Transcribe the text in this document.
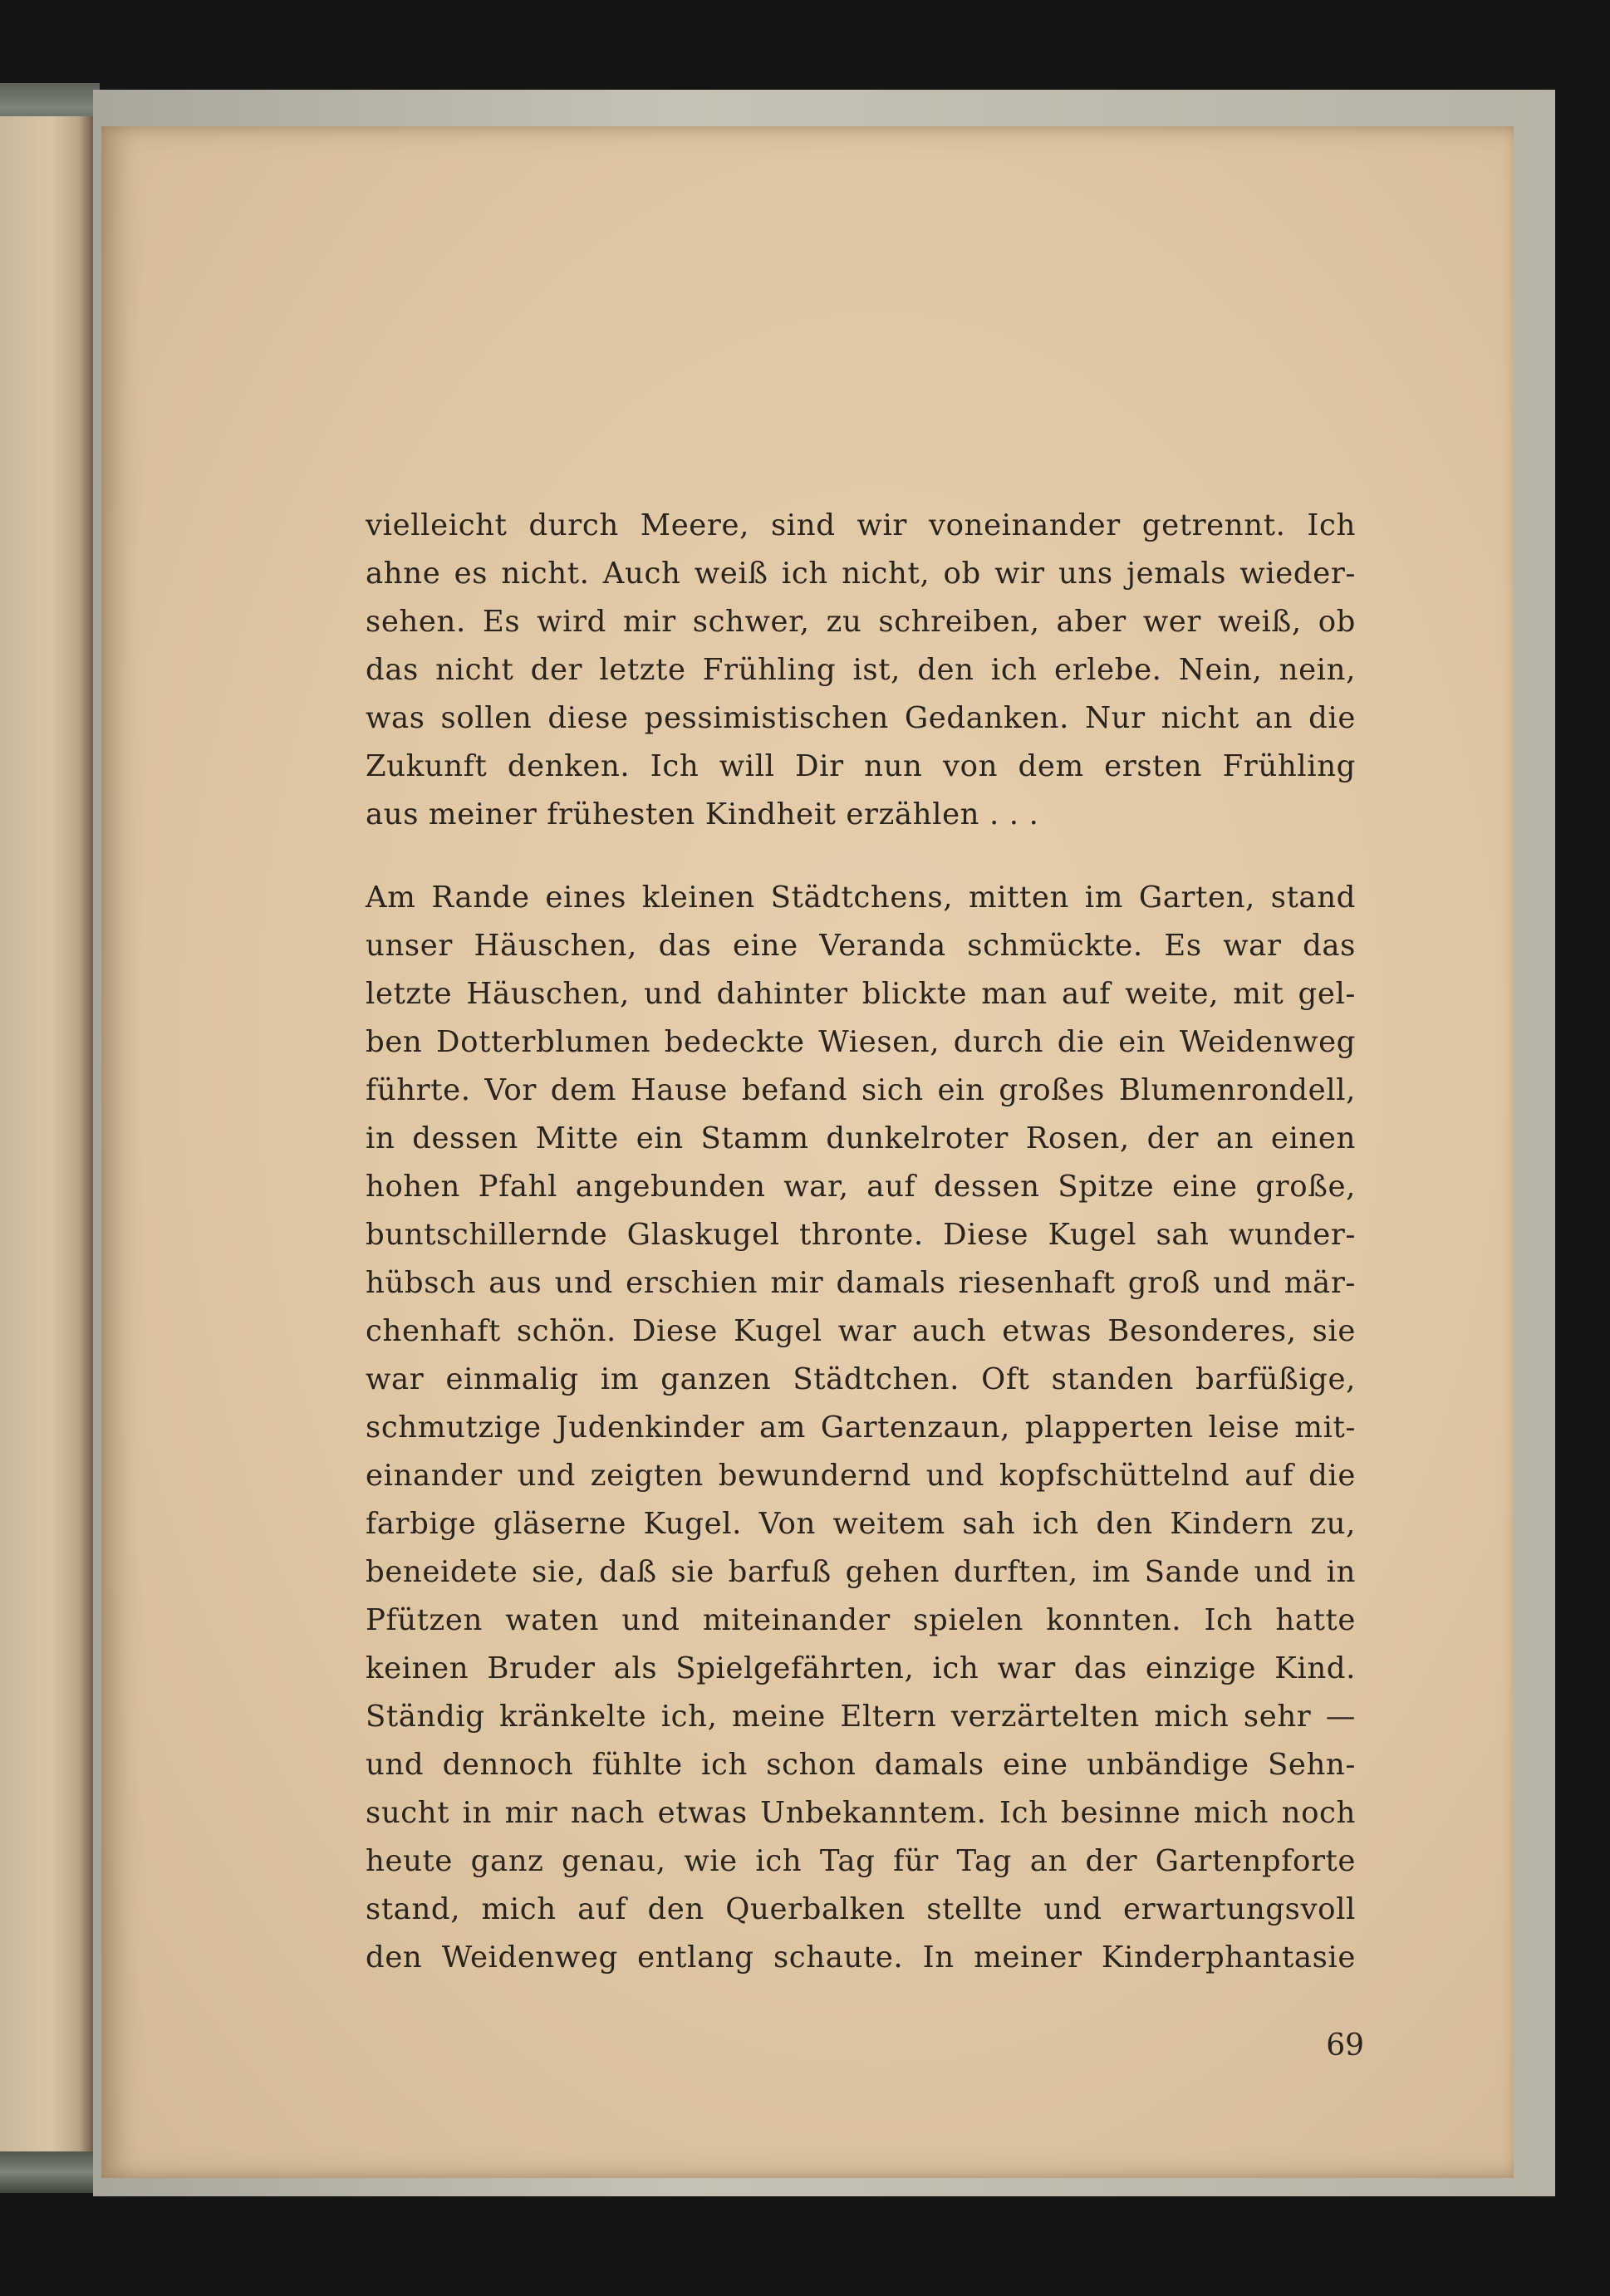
vielleicht durch Meere, sind wir voneinander getrennt. Ich
ahne es nicht. Auch weiß ich nicht, ob wir uns jemals wieder-
sehen. Es wird mir schwer, zu schreiben, aber wer weiß, ob
das nicht der letzte Frühling ist, den ich erlebe. Nein, nein,
was sollen diese pessimistischen Gedanken. Nur nicht an die
Zukunft denken. Ich will Dir nun von dem ersten Frühling
aus meiner frühesten Kindheit erzählen . . .
Am Rande eines kleinen Städtchens, mitten im Garten, stand
unser Häuschen, das eine Veranda schmückte. Es war das
letzte Häuschen, und dahinter blickte man auf weite, mit gel-
ben Dotterblumen bedeckte Wiesen, durch die ein Weidenweg
führte. Vor dem Hause befand sich ein großes Blumenrondell,
in dessen Mitte ein Stamm dunkelroter Rosen, der an einen
hohen Pfahl angebunden war, auf dessen Spitze eine große,
buntschillernde Glaskugel thronte. Diese Kugel sah wunder-
hübsch aus und erschien mir damals riesenhaft groß und mär-
chenhaft schön. Diese Kugel war auch etwas Besonderes, sie
war einmalig im ganzen Städtchen. Oft standen barfüßige,
schmutzige Judenkinder am Gartenzaun, plapperten leise mit-
einander und zeigten bewundernd und kopfschüttelnd auf die
farbige gläserne Kugel. Von weitem sah ich den Kindern zu,
beneidete sie, daß sie barfuß gehen durften, im Sande und in
Pfützen waten und miteinander spielen konnten. Ich hatte
keinen Bruder als Spielgefährten, ich war das einzige Kind.
Ständig kränkelte ich, meine Eltern verzärtelten mich sehr —
und dennoch fühlte ich schon damals eine unbändige Sehn-
sucht in mir nach etwas Unbekanntem. Ich besinne mich noch
heute ganz genau, wie ich Tag für Tag an der Gartenpforte
stand, mich auf den Querbalken stellte und erwartungsvoll
den Weidenweg entlang schaute. In meiner Kinderphantasie
69
